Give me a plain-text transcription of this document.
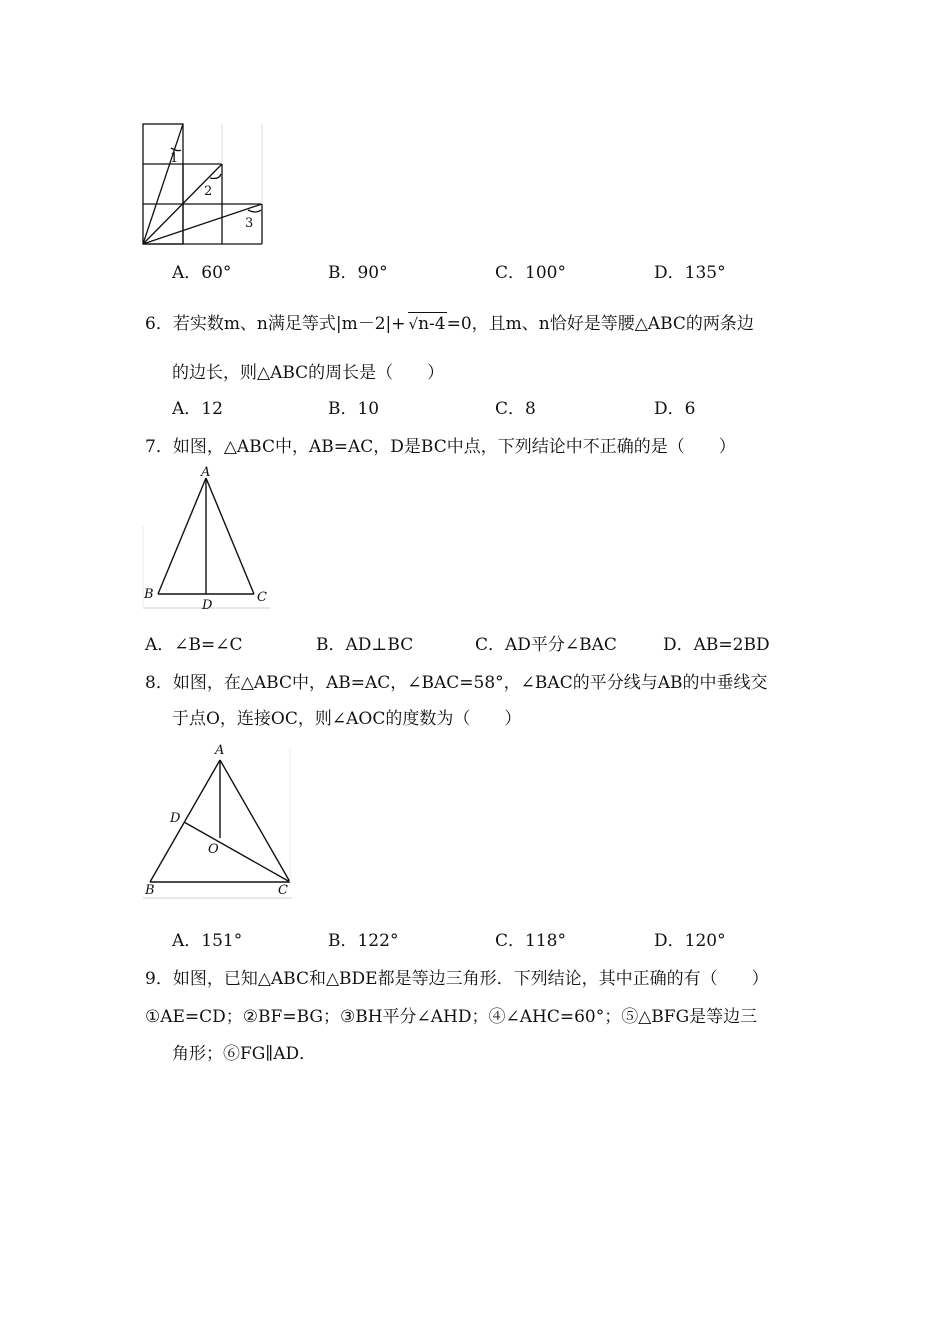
1
2
3
A．60°	B．90°	C．100°	D．135°
6．若实数m、n满足等式|m－2|+ √n-4=0，且m、n恰好是等腰△ABC的两条边
的边长，则△ABC的周长是（　　）
A．12	B．10	C．8	D．6
7．如图，△ABC中，AB=AC，D是BC中点，下列结论中不正确的是（　　）
A
B	C
D
A．∠B=∠C	B．AD⊥BC	C．AD平分∠BAC	D．AB=2BD
8．如图，在△ABC中，AB=AC，∠BAC=58°，∠BAC的平分线与AB的中垂线交
于点O，连接OC，则∠AOC的度数为（　　）
A
B	C
D
O
A．151°	B．122°	C．118°	D．120°
9．如图，已知△ABC和△BDE都是等边三角形．下列结论，其中正确的有（　　）
①AE=CD；②BF=BG；③BH平分∠AHD；④∠AHC=60°；⑤△BFG是等边三
角形；⑥FG∥AD．
